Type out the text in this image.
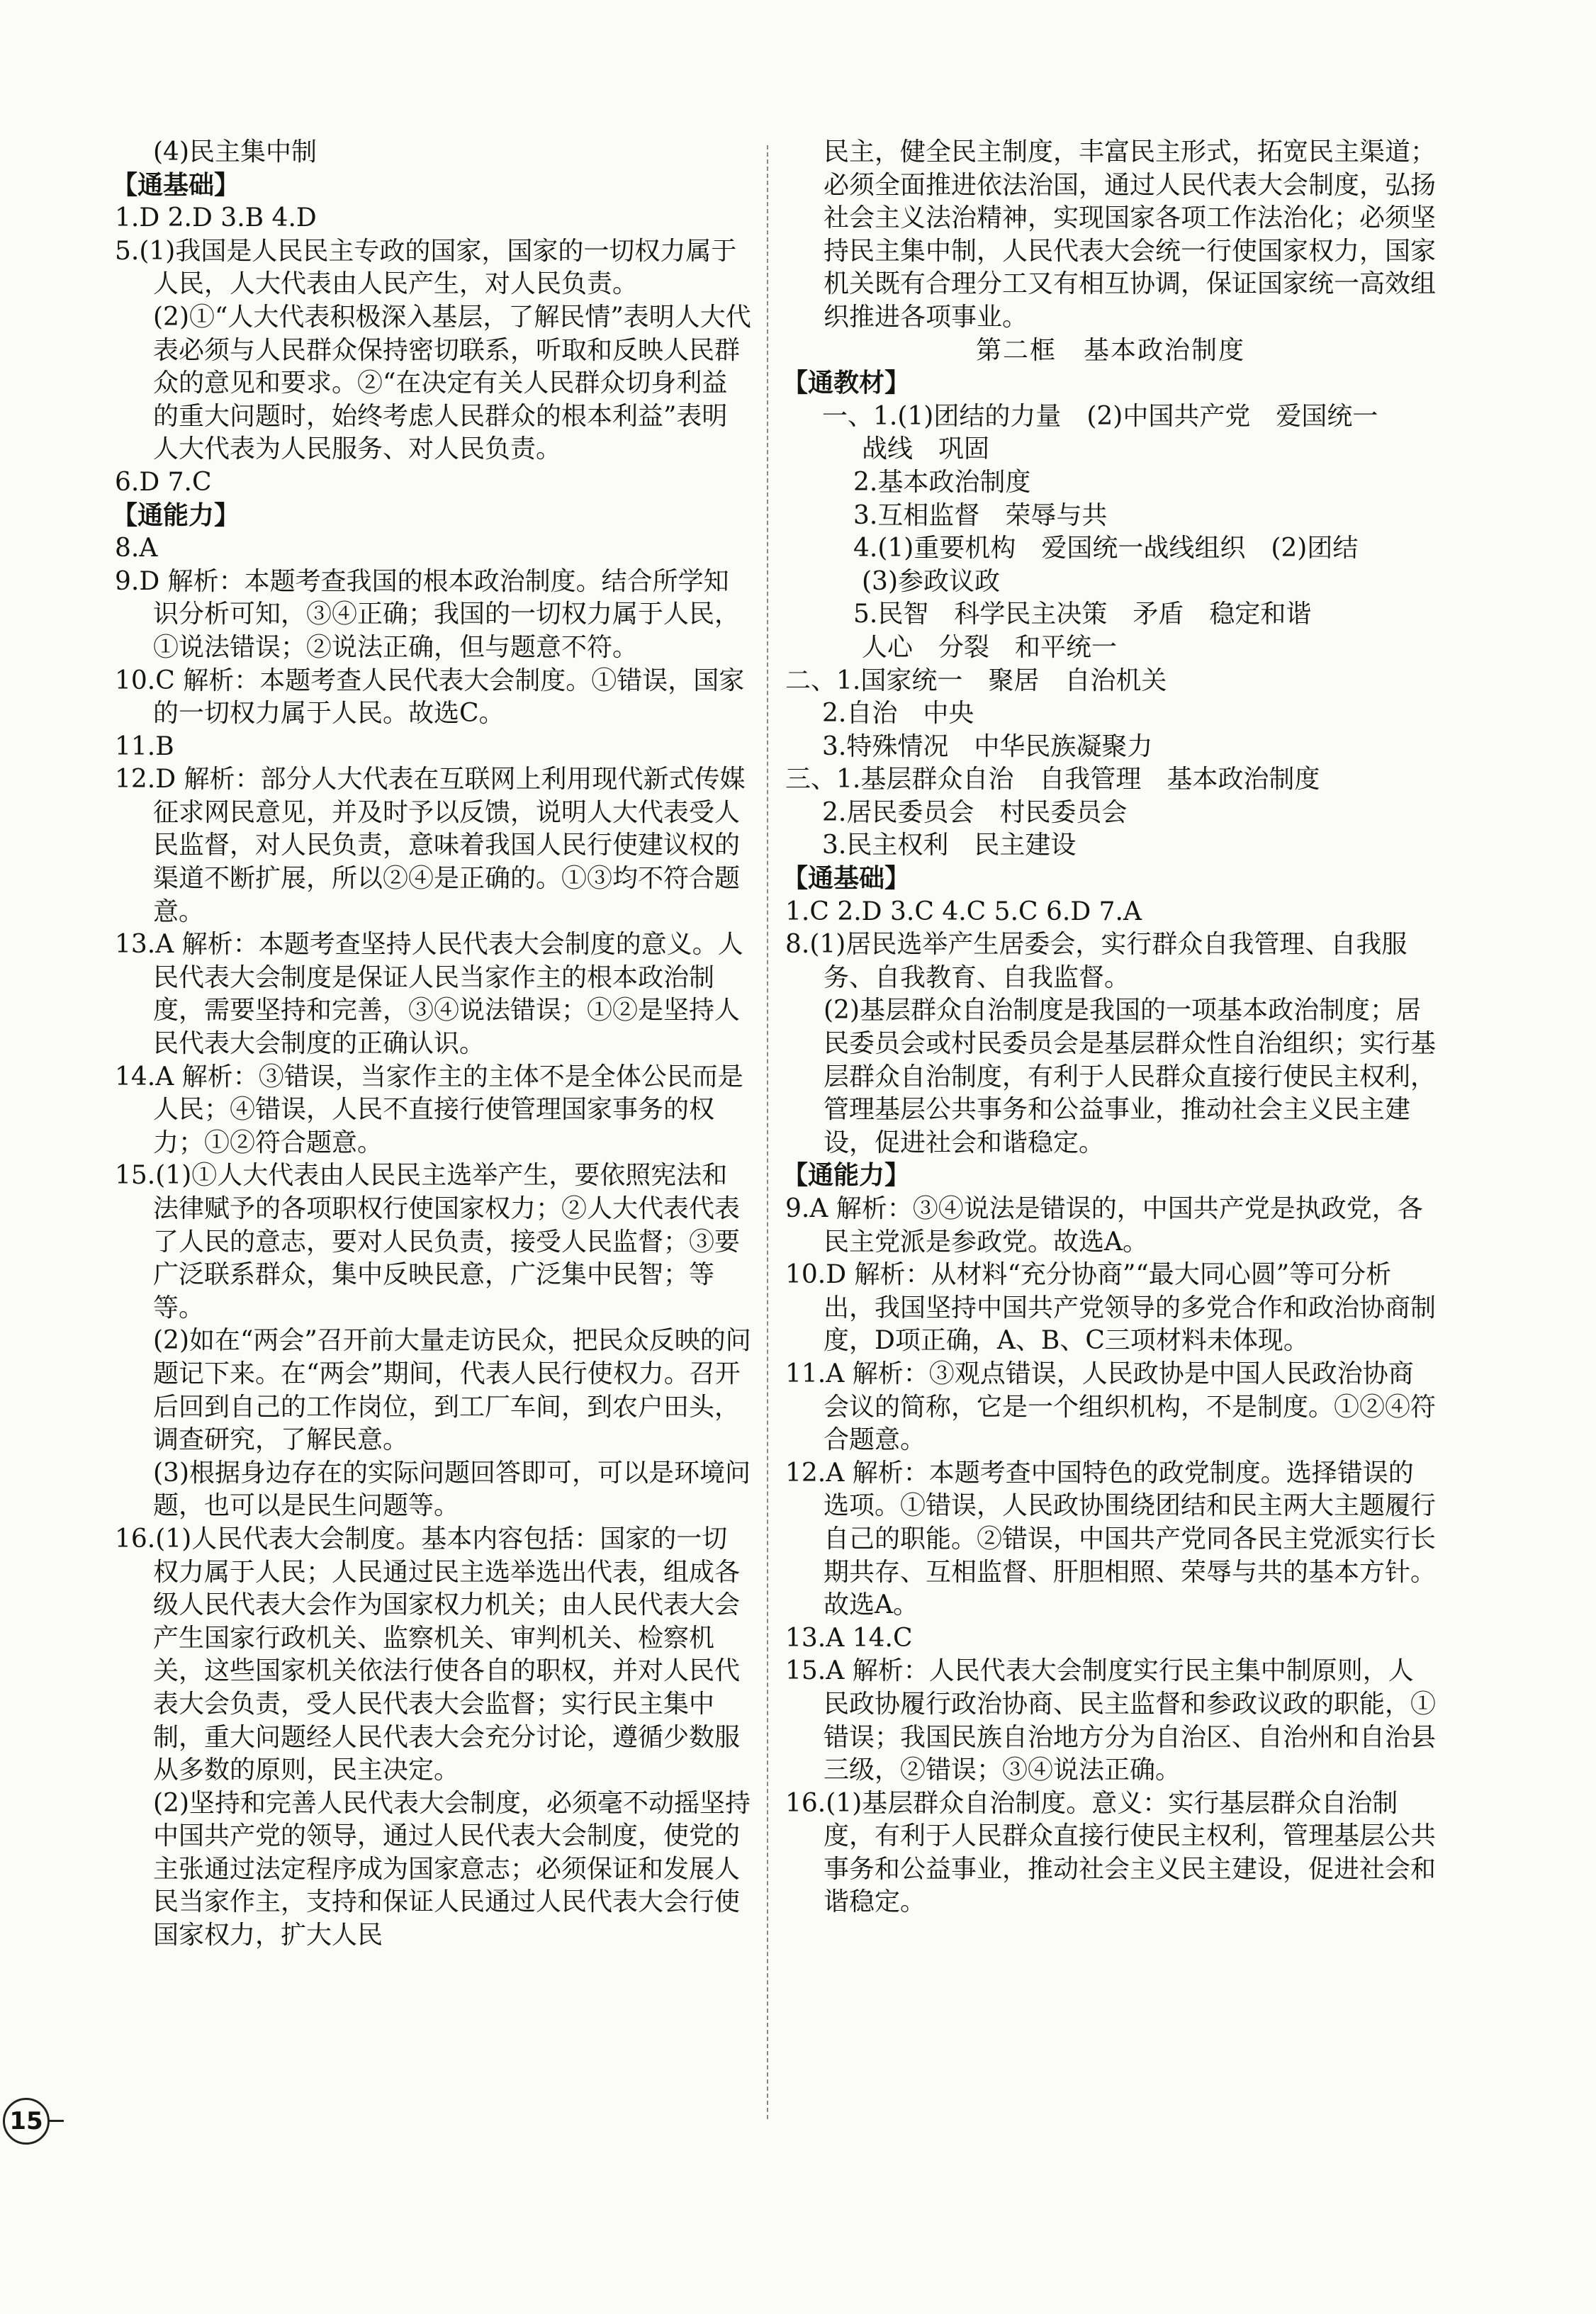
(4)民主集中制

【通基础】

1.D 2.D 3.B 4.D

5.(1)我国是人民民主专政的国家，国家的一切权力属于人民，人大代表由人民产生，对人民负责。

(2)①“人大代表积极深入基层，了解民情”表明人大代表必须与人民群众保持密切联系，听取和反映人民群众的意见和要求。②“在决定有关人民群众切身利益的重大问题时，始终考虑人民群众的根本利益”表明人大代表为人民服务、对人民负责。

6.D 7.C

【通能力】

8.A

9.D 解析：本题考查我国的根本政治制度。结合所学知识分析可知，③④正确；我国的一切权力属于人民，①说法错误；②说法正确，但与题意不符。

10.C 解析：本题考查人民代表大会制度。①错误，国家的一切权力属于人民。故选C。

11.B

12.D 解析：部分人大代表在互联网上利用现代新式传媒征求网民意见，并及时予以反馈，说明人大代表受人民监督，对人民负责，意味着我国人民行使建议权的渠道不断扩展，所以②④是正确的。①③均不符合题意。

13.A 解析：本题考查坚持人民代表大会制度的意义。人民代表大会制度是保证人民当家作主的根本政治制度，需要坚持和完善，③④说法错误；①②是坚持人民代表大会制度的正确认识。

14.A 解析：③错误，当家作主的主体不是全体公民而是人民；④错误，人民不直接行使管理国家事务的权力；①②符合题意。

15.(1)①人大代表由人民民主选举产生，要依照宪法和法律赋予的各项职权行使国家权力；②人大代表代表了人民的意志，要对人民负责，接受人民监督；③要广泛联系群众，集中反映民意，广泛集中民智；等等。

(2)如在“两会”召开前大量走访民众，把民众反映的问题记下来。在“两会”期间，代表人民行使权力。召开后回到自己的工作岗位，到工厂车间，到农户田头，调查研究，了解民意。

(3)根据身边存在的实际问题回答即可，可以是环境问题，也可以是民生问题等。

16.(1)人民代表大会制度。基本内容包括：国家的一切权力属于人民；人民通过民主选举选出代表，组成各级人民代表大会作为国家权力机关；由人民代表大会产生国家行政机关、监察机关、审判机关、检察机关，这些国家机关依法行使各自的职权，并对人民代表大会负责，受人民代表大会监督；实行民主集中制，重大问题经人民代表大会充分讨论，遵循少数服从多数的原则，民主决定。

(2)坚持和完善人民代表大会制度，必须毫不动摇坚持中国共产党的领导，通过人民代表大会制度，使党的主张通过法定程序成为国家意志；必须保证和发展人民当家作主，支持和保证人民通过人民代表大会行使国家权力，扩大人民

民主，健全民主制度，丰富民主形式，拓宽民主渠道；必须全面推进依法治国，通过人民代表大会制度，弘扬社会主义法治精神，实现国家各项工作法治化；必须坚持民主集中制，人民代表大会统一行使国家权力，国家机关既有合理分工又有相互协调，保证国家统一高效组织推进各项事业。

第二框　基本政治制度

【通教材】

一、1.(1)团结的力量　(2)中国共产党　爱国统一

战线　巩固

2.基本政治制度

3.互相监督　荣辱与共

4.(1)重要机构　爱国统一战线组织　(2)团结

(3)参政议政

5.民智　科学民主决策　矛盾　稳定和谐

人心　分裂　和平统一

二、1.国家统一　聚居　自治机关

2.自治　中央

3.特殊情况　中华民族凝聚力

三、1.基层群众自治　自我管理　基本政治制度

2.居民委员会　村民委员会

3.民主权利　民主建设

【通基础】

1.C 2.D 3.C 4.C 5.C 6.D 7.A

8.(1)居民选举产生居委会，实行群众自我管理、自我服务、自我教育、自我监督。

(2)基层群众自治制度是我国的一项基本政治制度；居民委员会或村民委员会是基层群众性自治组织；实行基层群众自治制度，有利于人民群众直接行使民主权利，管理基层公共事务和公益事业，推动社会主义民主建设，促进社会和谐稳定。

【通能力】

9.A 解析：③④说法是错误的，中国共产党是执政党，各民主党派是参政党。故选A。

10.D 解析：从材料“充分协商”“最大同心圆”等可分析出，我国坚持中国共产党领导的多党合作和政治协商制度，D项正确，A、B、C三项材料未体现。

11.A 解析：③观点错误，人民政协是中国人民政治协商会议的简称，它是一个组织机构，不是制度。①②④符合题意。

12.A 解析：本题考查中国特色的政党制度。选择错误的选项。①错误，人民政协围绕团结和民主两大主题履行自己的职能。②错误，中国共产党同各民主党派实行长期共存、互相监督、肝胆相照、荣辱与共的基本方针。故选A。

13.A 14.C

15.A 解析：人民代表大会制度实行民主集中制原则，人民政协履行政治协商、民主监督和参政议政的职能，①错误；我国民族自治地方分为自治区、自治州和自治县三级，②错误；③④说法正确。

16.(1)基层群众自治制度。意义：实行基层群众自治制度，有利于人民群众直接行使民主权利，管理基层公共事务和公益事业，推动社会主义民主建设，促进社会和谐稳定。

15
